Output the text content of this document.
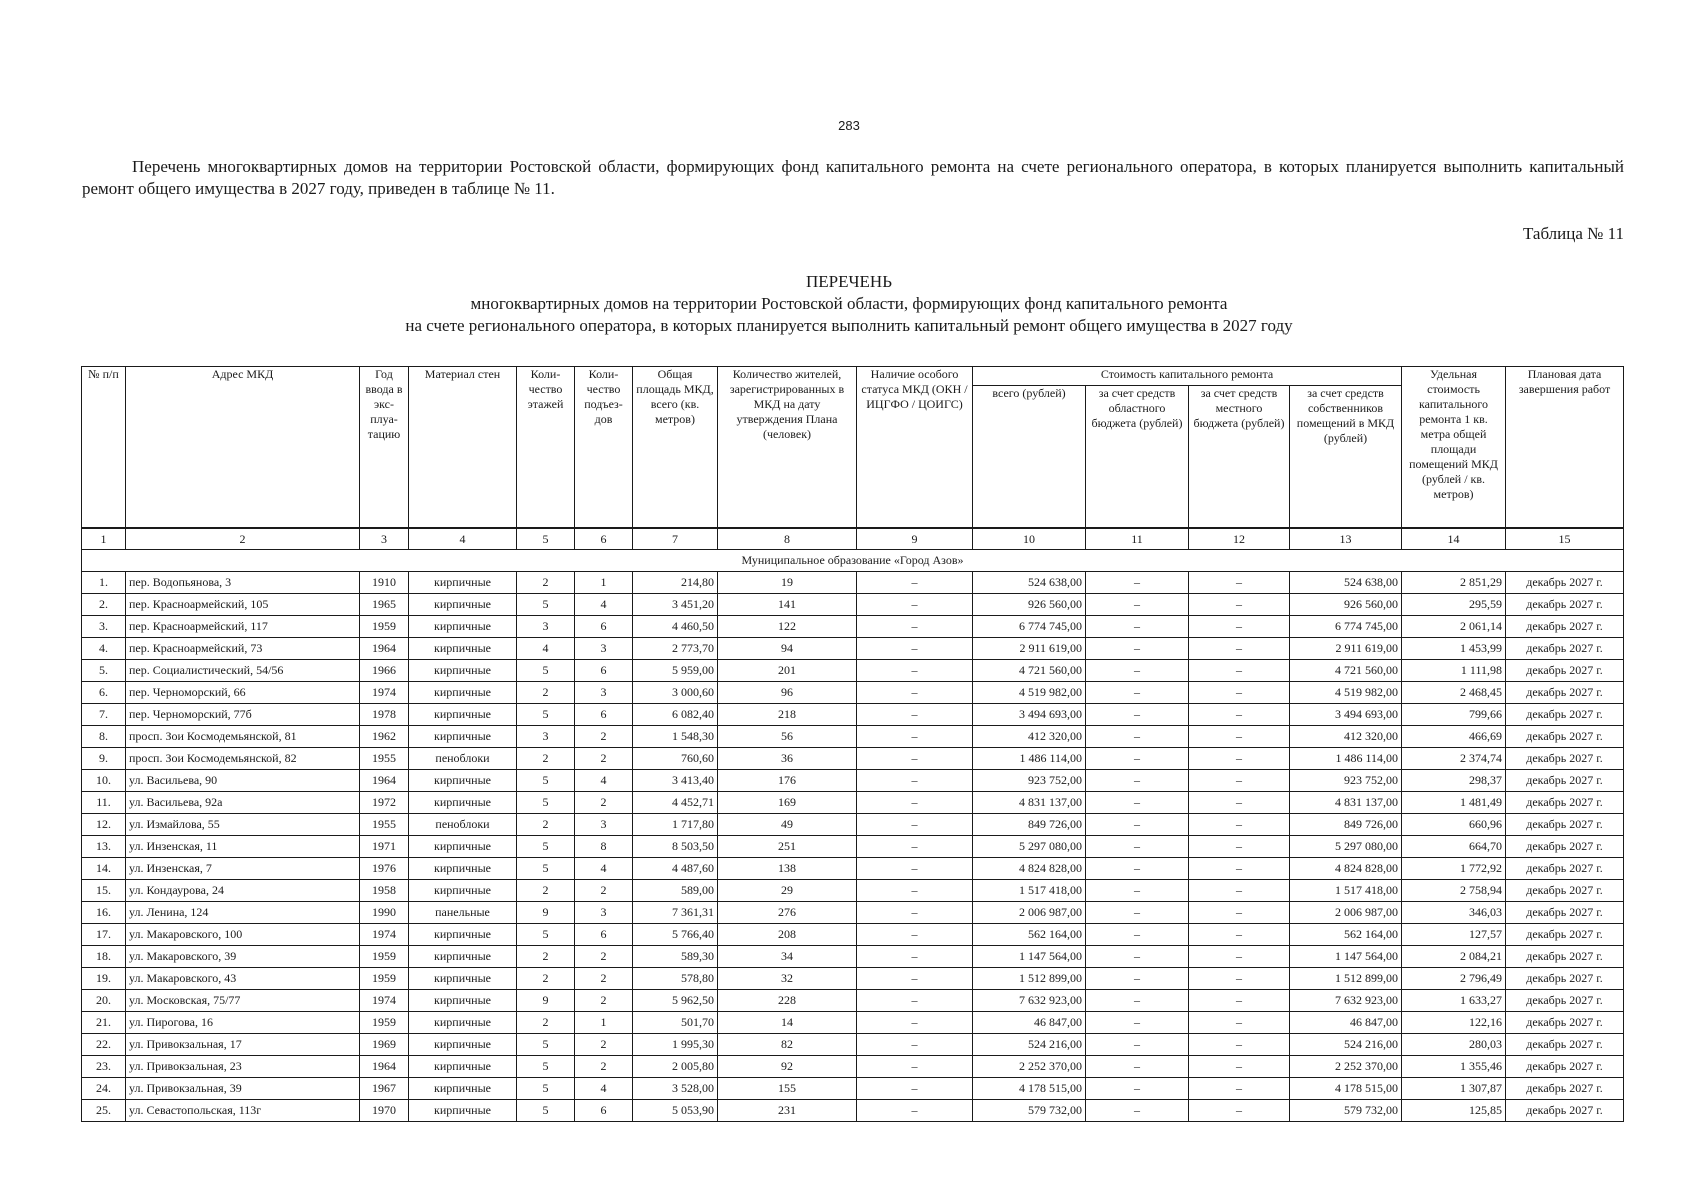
283
Перечень многоквартирных домов на территории Ростовской области, формирующих фонд капитального ремонта на счете регионального оператора, в которых планируется выполнить капитальный ремонт общего имущества в 2027 году, приведен в таблице № 11.
Таблица № 11
ПЕРЕЧЕНЬ
многоквартирных домов на территории Ростовской области, формирующих фонд капитального ремонта
на счете регионального оператора, в которых планируется выполнить капитальный ремонт общего имущества в 2027 году
№ п/п	Адрес МКД	Год ввода в экс-плуа-тацию	Материал стен	Коли-чество этажей	Коли-чество подъез-дов	Общая площадь МКД, всего (кв. метров)	Количество жителей, зарегистрированных в МКД на дату утверждения Плана (человек)	Наличие особого статуса МКД (ОКН / ИЦГФО / ЦОИГС)	Стоимость капитального ремонта				Удельная стоимость капитального ремонта 1 кв. метра общей площади помещений МКД (рублей / кв. метров)	Плановая дата завершения работ
									всего (рублей)	за счет средств областного бюджета (рублей)	за счет средств местного бюджета (рублей)	за счет средств собственников помещений в МКД (рублей)		
1	2	3	4	5	6	7	8	9	10	11	12	13	14	15
Муниципальное образование «Город Азов»														
1.	пер. Водопьянова, 3	1910	кирпичные	2	1	214,80	19	–	524 638,00	–	–	524 638,00	2 851,29	декабрь 2027 г.
2.	пер. Красноармейский, 105	1965	кирпичные	5	4	3 451,20	141	–	926 560,00	–	–	926 560,00	295,59	декабрь 2027 г.
3.	пер. Красноармейский, 117	1959	кирпичные	3	6	4 460,50	122	–	6 774 745,00	–	–	6 774 745,00	2 061,14	декабрь 2027 г.
4.	пер. Красноармейский, 73	1964	кирпичные	4	3	2 773,70	94	–	2 911 619,00	–	–	2 911 619,00	1 453,99	декабрь 2027 г.
5.	пер. Социалистический, 54/56	1966	кирпичные	5	6	5 959,00	201	–	4 721 560,00	–	–	4 721 560,00	1 111,98	декабрь 2027 г.
6.	пер. Черноморский, 66	1974	кирпичные	2	3	3 000,60	96	–	4 519 982,00	–	–	4 519 982,00	2 468,45	декабрь 2027 г.
7.	пер. Черноморский, 77б	1978	кирпичные	5	6	6 082,40	218	–	3 494 693,00	–	–	3 494 693,00	799,66	декабрь 2027 г.
8.	просп. Зои Космодемьянской, 81	1962	кирпичные	3	2	1 548,30	56	–	412 320,00	–	–	412 320,00	466,69	декабрь 2027 г.
9.	просп. Зои Космодемьянской, 82	1955	пеноблоки	2	2	760,60	36	–	1 486 114,00	–	–	1 486 114,00	2 374,74	декабрь 2027 г.
10.	ул. Васильева, 90	1964	кирпичные	5	4	3 413,40	176	–	923 752,00	–	–	923 752,00	298,37	декабрь 2027 г.
11.	ул. Васильева, 92а	1972	кирпичные	5	2	4 452,71	169	–	4 831 137,00	–	–	4 831 137,00	1 481,49	декабрь 2027 г.
12.	ул. Измайлова, 55	1955	пеноблоки	2	3	1 717,80	49	–	849 726,00	–	–	849 726,00	660,96	декабрь 2027 г.
13.	ул. Инзенская, 11	1971	кирпичные	5	8	8 503,50	251	–	5 297 080,00	–	–	5 297 080,00	664,70	декабрь 2027 г.
14.	ул. Инзенская, 7	1976	кирпичные	5	4	4 487,60	138	–	4 824 828,00	–	–	4 824 828,00	1 772,92	декабрь 2027 г.
15.	ул. Кондаурова, 24	1958	кирпичные	2	2	589,00	29	–	1 517 418,00	–	–	1 517 418,00	2 758,94	декабрь 2027 г.
16.	ул. Ленина, 124	1990	панельные	9	3	7 361,31	276	–	2 006 987,00	–	–	2 006 987,00	346,03	декабрь 2027 г.
17.	ул. Макаровского, 100	1974	кирпичные	5	6	5 766,40	208	–	562 164,00	–	–	562 164,00	127,57	декабрь 2027 г.
18.	ул. Макаровского, 39	1959	кирпичные	2	2	589,30	34	–	1 147 564,00	–	–	1 147 564,00	2 084,21	декабрь 2027 г.
19.	ул. Макаровского, 43	1959	кирпичные	2	2	578,80	32	–	1 512 899,00	–	–	1 512 899,00	2 796,49	декабрь 2027 г.
20.	ул. Московская, 75/77	1974	кирпичные	9	2	5 962,50	228	–	7 632 923,00	–	–	7 632 923,00	1 633,27	декабрь 2027 г.
21.	ул. Пирогова, 16	1959	кирпичные	2	1	501,70	14	–	46 847,00	–	–	46 847,00	122,16	декабрь 2027 г.
22.	ул. Привокзальная, 17	1969	кирпичные	5	2	1 995,30	82	–	524 216,00	–	–	524 216,00	280,03	декабрь 2027 г.
23.	ул. Привокзальная, 23	1964	кирпичные	5	2	2 005,80	92	–	2 252 370,00	–	–	2 252 370,00	1 355,46	декабрь 2027 г.
24.	ул. Привокзальная, 39	1967	кирпичные	5	4	3 528,00	155	–	4 178 515,00	–	–	4 178 515,00	1 307,87	декабрь 2027 г.
25.	ул. Севастопольская, 113г	1970	кирпичные	5	6	5 053,90	231	–	579 732,00	–	–	579 732,00	125,85	декабрь 2027 г.
